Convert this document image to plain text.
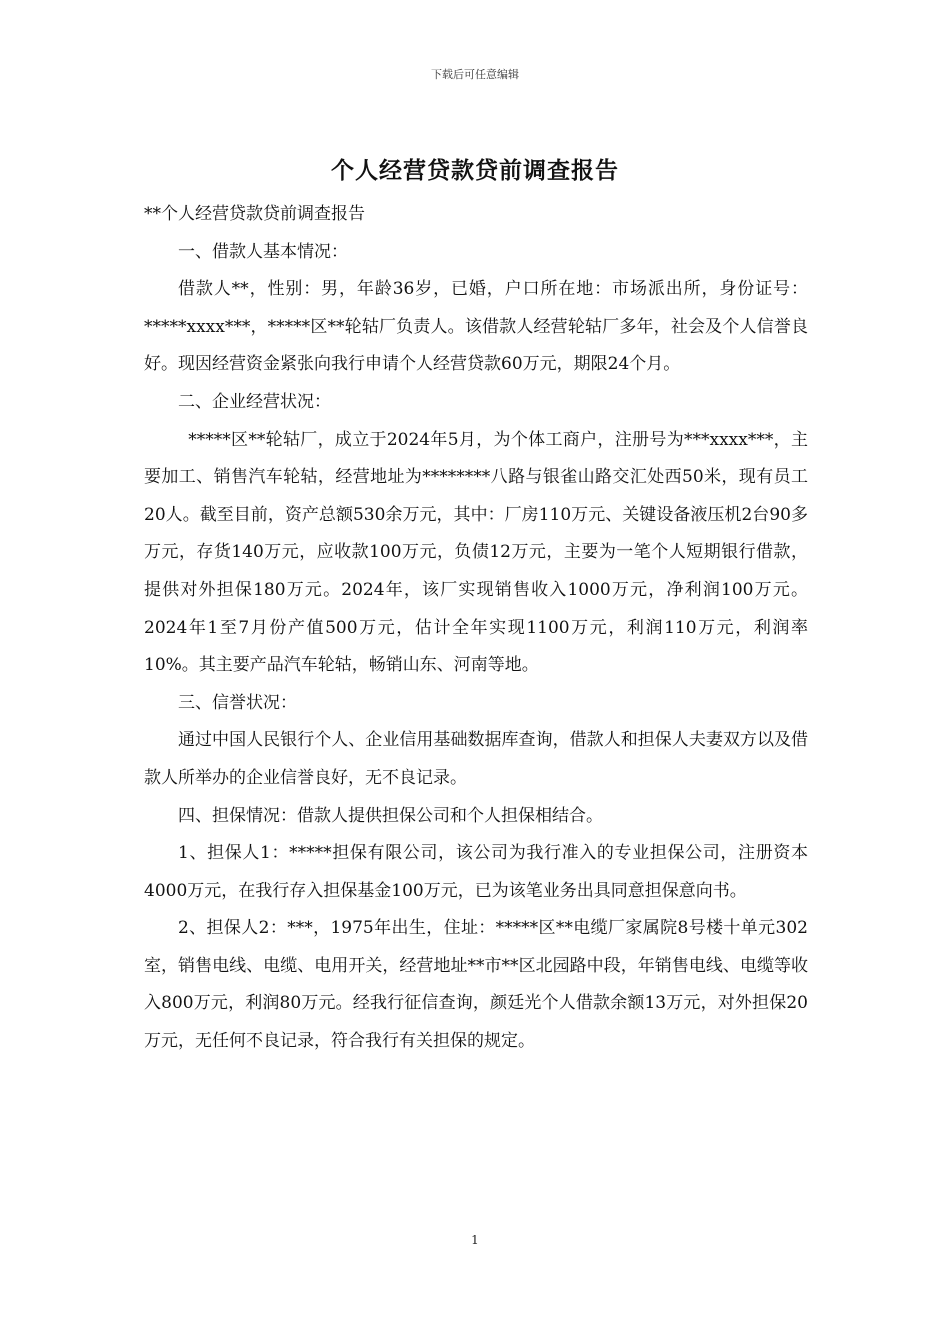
下载后可任意编辑
个人经营贷款贷前调查报告

**个人经营贷款贷前调查报告

一、借款人基本情况：

借款人**，性别：男，年龄36岁，已婚，户口所在地：市场派出所，身份证号：*****xxxx***，*****区**轮轱厂负责人。该借款人经营轮轱厂多年，社会及个人信誉良好。现因经营资金紧张向我行申请个人经营贷款60万元，期限24个月。

二、企业经营状况：

*****区**轮轱厂，成立于2024年5月，为个体工商户，注册号为***xxxx***，主要加工、销售汽车轮轱，经营地址为********八路与银雀山路交汇处西50米，现有员工20人。截至目前，资产总额530余万元，其中：厂房110万元、关键设备液压机2台90多万元，存货140万元，应收款100万元，负债12万元，主要为一笔个人短期银行借款，提供对外担保180万元。2024年，该厂实现销售收入1000万元，净利润100万元。2024年1至7月份产值500万元，估计全年实现1100万元，利润110万元，利润率10%。其主要产品汽车轮轱，畅销山东、河南等地。

三、信誉状况：

通过中国人民银行个人、企业信用基础数据库查询，借款人和担保人夫妻双方以及借款人所举办的企业信誉良好，无不良记录。

四、担保情况：借款人提供担保公司和个人担保相结合。

1、担保人1：*****担保有限公司，该公司为我行准入的专业担保公司，注册资本4000万元，在我行存入担保基金100万元，已为该笔业务出具同意担保意向书。

2、担保人2：***，1975年出生，住址：*****区**电缆厂家属院8号楼十单元302室，销售电线、电缆、电用开关，经营地址**市**区北园路中段，年销售电线、电缆等收入800万元，利润80万元。经我行征信查询，颜廷光个人借款余额13万元，对外担保20万元，无任何不良记录，符合我行有关担保的规定。

1
